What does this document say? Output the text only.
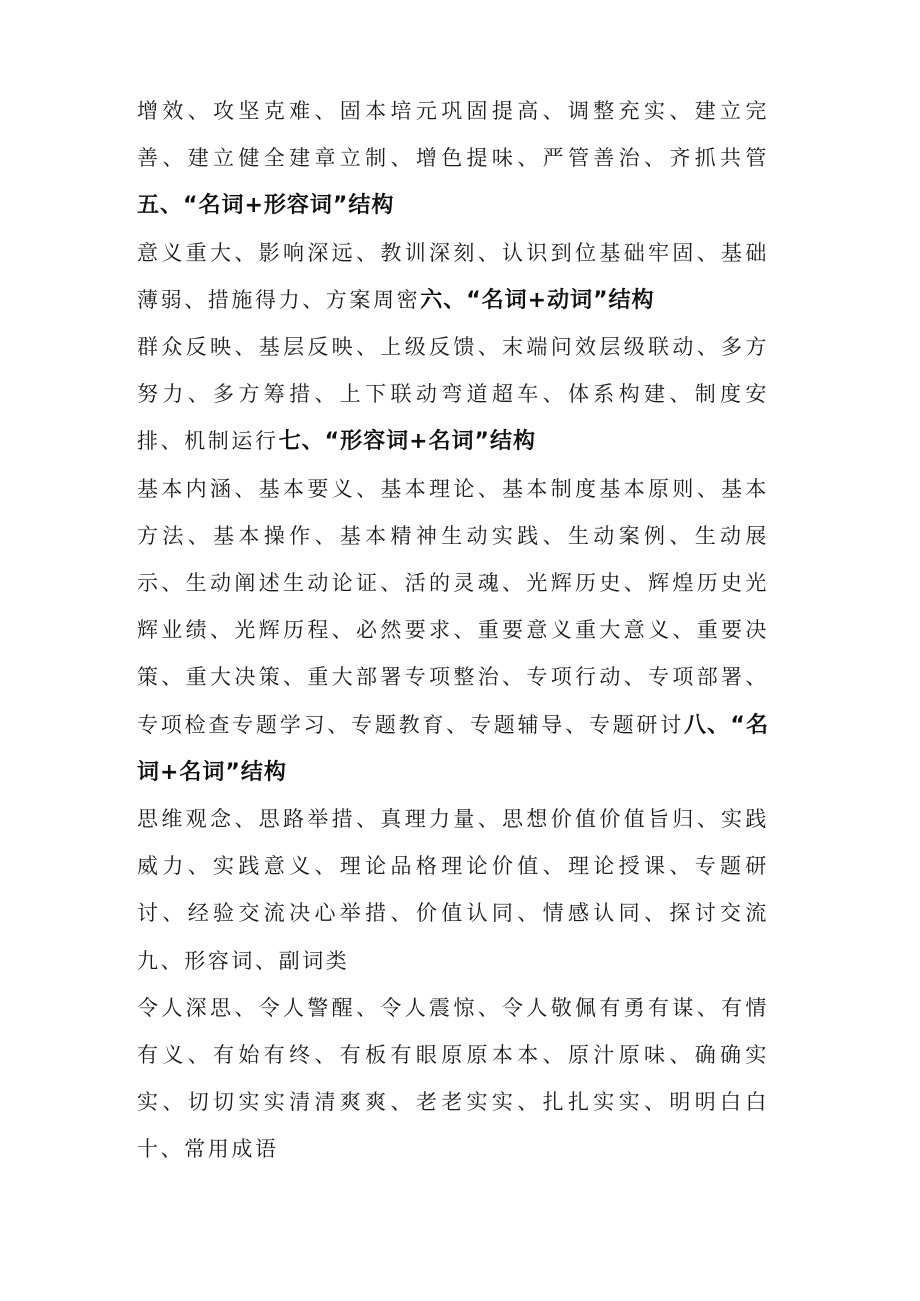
增效、攻坚克难、固本培元巩固提高、调整充实、建立完善、建立健全建章立制、增色提味、严管善治、齐抓共管五、“名词+形容词”结构

意义重大、影响深远、教训深刻、认识到位基础牢固、基础薄弱、措施得力、方案周密六、“名词+动词”结构

群众反映、基层反映、上级反馈、末端问效层级联动、多方努力、多方筹措、上下联动弯道超车、体系构建、制度安排、机制运行七、“形容词+名词”结构

基本内涵、基本要义、基本理论、基本制度基本原则、基本方法、基本操作、基本精神生动实践、生动案例、生动展示、生动阐述生动论证、活的灵魂、光辉历史、辉煌历史光辉业绩、光辉历程、必然要求、重要意义重大意义、重要决策、重大决策、重大部署专项整治、专项行动、专项部署、专项检查专题学习、专题教育、专题辅导、专题研讨八、“名词+名词”结构

思维观念、思路举措、真理力量、思想价值价值旨归、实践威力、实践意义、理论品格理论价值、理论授课、专题研讨、经验交流决心举措、价值认同、情感认同、探讨交流九、形容词、副词类

令人深思、令人警醒、令人震惊、令人敬佩有勇有谋、有情有义、有始有终、有板有眼原原本本、原汁原味、确确实实、切切实实清清爽爽、老老实实、扎扎实实、明明白白十、常用成语
